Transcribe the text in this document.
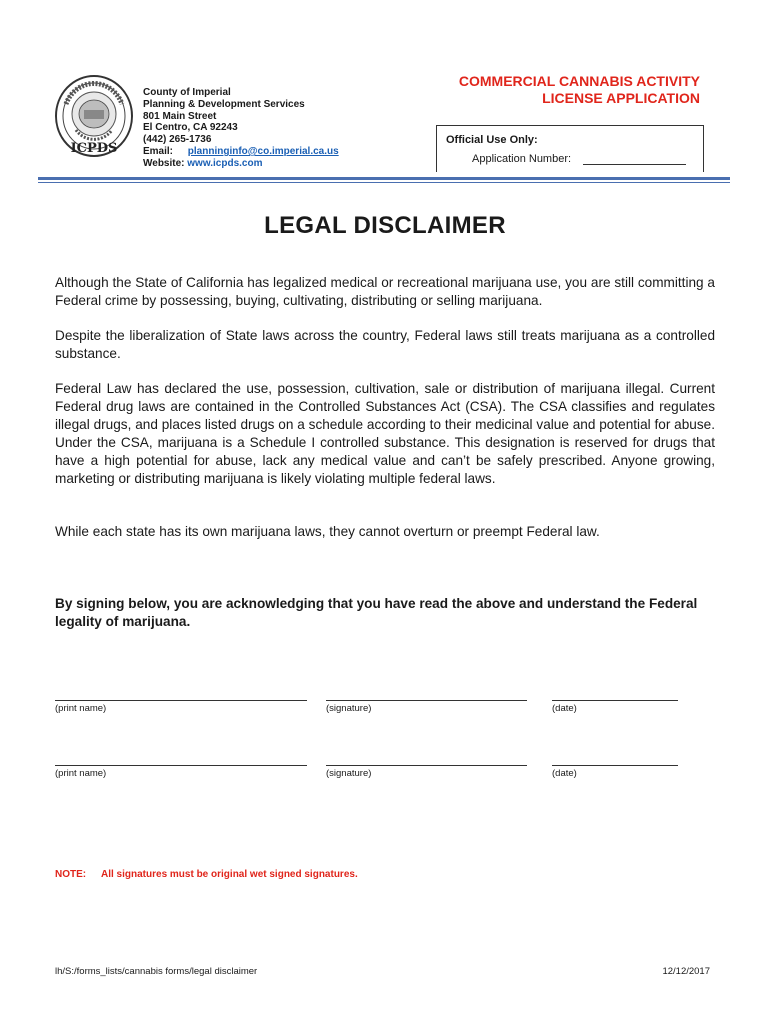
ICPDS
County of Imperial
Planning & Development Services
801 Main Street
El Centro, CA 92243
(442) 265-1736
Email: planninginfo@co.imperial.ca.us
Website: www.icpds.com
COMMERCIAL CANNABIS ACTIVITY
LICENSE APPLICATION
Official Use Only:
Application Number:
LEGAL DISCLAIMER

Although the State of California has legalized medical or recreational marijuana use, you are still committing a Federal crime by possessing, buying, cultivating, distributing or selling marijuana.

Despite the liberalization of State laws across the country, Federal laws still treats marijuana as a controlled substance.

Federal Law has declared the use, possession, cultivation, sale or distribution of marijuana illegal. Current Federal drug laws are contained in the Controlled Substances Act (CSA). The CSA classifies and regulates illegal drugs, and places listed drugs on a schedule according to their medicinal value and potential for abuse. Under the CSA, marijuana is a Schedule I controlled substance. This designation is reserved for drugs that have a high potential for abuse, lack any medical value and can’t be safely prescribed. Anyone growing, marketing or distributing marijuana is likely violating multiple federal laws.

While each state has its own marijuana laws, they cannot overturn or preempt Federal law.

By signing below, you are acknowledging that you have read the above and understand the Federal legality of marijuana.

(print name)	(signature)	(date)
(print name)	(signature)	(date)
NOTE: All signatures must be original wet signed signatures.
lh/S:/forms_lists/cannabis forms/legal disclaimer	12/12/2017
